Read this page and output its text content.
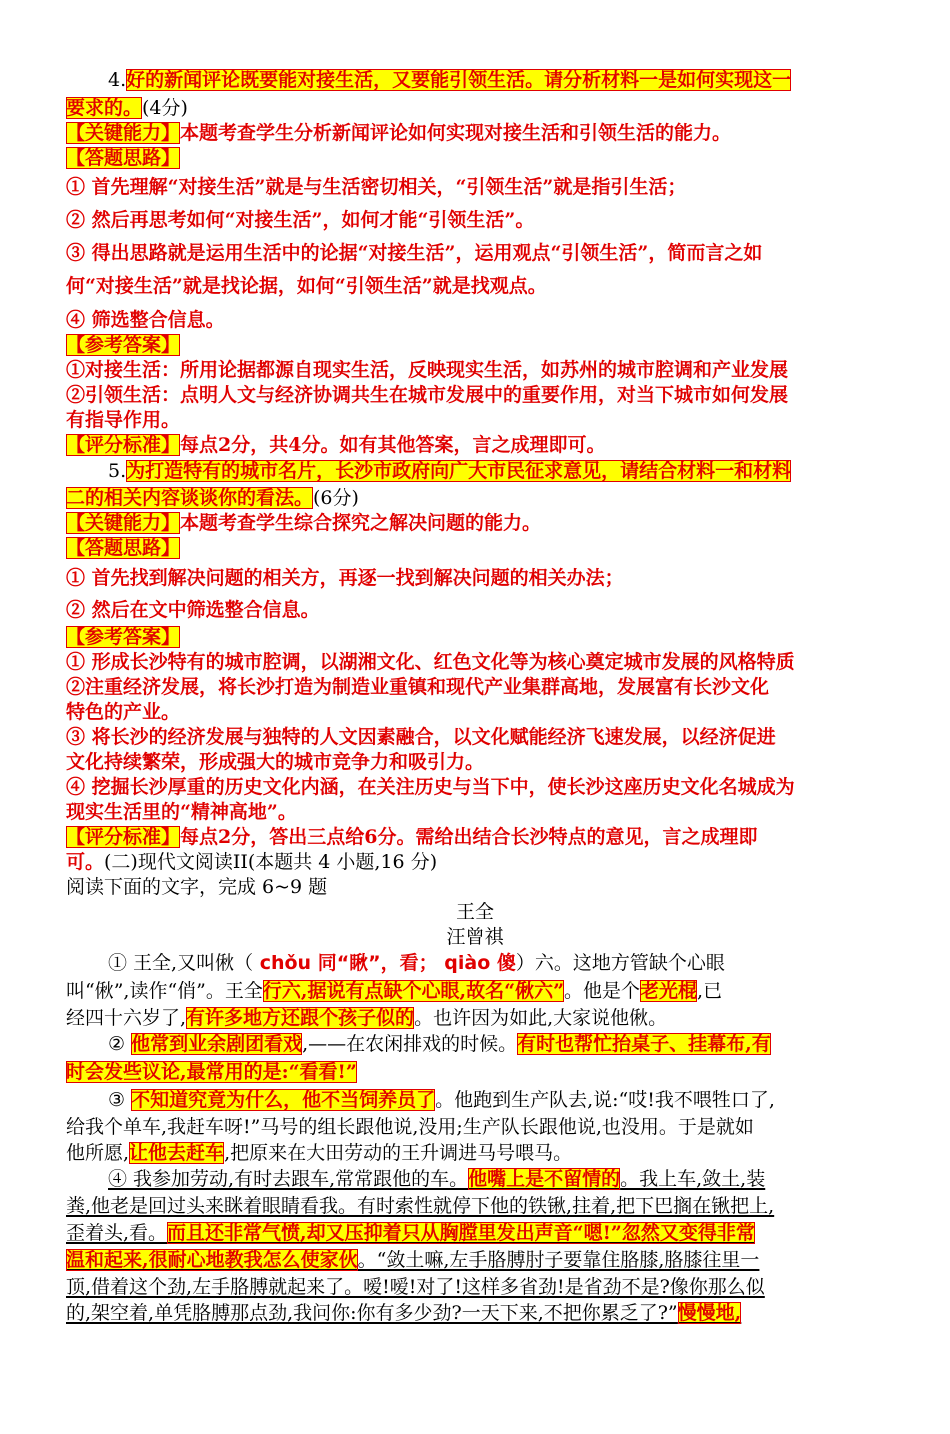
4.好的新闻评论既要能对接生活，又要能引领生活。请分析材料一是如何实现这一
要求的。(4分)
【关键能力】本题考查学生分析新闻评论如何实现对接生活和引领生活的能力。
【答题思路】
① 首先理解“对接生活”就是与生活密切相关，“引领生活”就是指引生活；
② 然后再思考如何“对接生活”，如何才能“引领生活”。
③ 得出思路就是运用生活中的论据“对接生活”，运用观点“引领生活”，简而言之如
何“对接生活”就是找论据，如何“引领生活”就是找观点。
④ 筛选整合信息。
【参考答案】
①对接生活：所用论据都源自现实生活，反映现实生活，如苏州的城市腔调和产业发展
②引领生活：点明人文与经济协调共生在城市发展中的重要作用，对当下城市如何发展
有指导作用。
【评分标准】每点2分，共4分。如有其他答案，言之成理即可。
5.为打造特有的城市名片，长沙市政府向广大市民征求意见，请结合材料一和材料
二的相关内容谈谈你的看法。(6分)
【关键能力】本题考查学生综合探究之解决问题的能力。
【答题思路】
① 首先找到解决问题的相关方，再逐一找到解决问题的相关办法；
② 然后在文中筛选整合信息。
【参考答案】
① 形成长沙特有的城市腔调，以湖湘文化、红色文化等为核心奠定城市发展的风格特质
②注重经济发展，将长沙打造为制造业重镇和现代产业集群高地，发展富有长沙文化
特色的产业。
③ 将长沙的经济发展与独特的人文因素融合，以文化赋能经济飞速发展，以经济促进
文化持续繁荣，形成强大的城市竞争力和吸引力。
④ 挖掘长沙厚重的历史文化内涵，在关注历史与当下中，使长沙这座历史文化名城成为
现实生活里的“精神高地”。
【评分标准】每点2分，答出三点给6分。需给出结合长沙特点的意见，言之成理即
可。(二)现代文阅读II(本题共 4 小题,16 分)
阅读下面的文字，完成 6~9 题
王全
汪曾祺
① 王全,又叫偢（ chǒu 同“瞅”，看； qiào 傻）六。这地方管缺个心眼
叫“偢”,读作“俏”。王全行六,据说有点缺个心眼,故名“偢六”。他是个老光棍,已
经四十六岁了,有许多地方还跟个孩子似的。也许因为如此,大家说他偢。
② 他常到业余剧团看戏,——在农闲排戏的时候。有时也帮忙抬桌子、挂幕布,有
时会发些议论,最常用的是:“看看!”
③ 不知道究竟为什么，他不当饲养员了。他跑到生产队去,说:“哎!我不喂牲口了,
给我个单车,我赶车呀!”马号的组长跟他说,没用;生产队长跟他说,也没用。于是就如
他所愿,让他去赶车,把原来在大田劳动的王升调进马号喂马。
④ 我参加劳动,有时去跟车,常常跟他的车。他嘴上是不留情的。我上车,敛土,装
粪,他老是回过头来眯着眼睛看我。有时索性就停下他的铁锹,拄着,把下巴搁在锹把上,
歪着头,看。而且还非常气愤,却又压抑着只从胸膛里发出声音“嗯!”忽然又变得非常
温和起来,很耐心地教我怎么使家伙。“敛土嘛,左手胳膊肘子要靠住胳膝,胳膝往里一
顶,借着这个劲,左手胳膊就起来了。嗳!嗳!对了!这样多省劲!是省劲不是?像你那么似
的,架空着,单凭胳膊那点劲,我问你:你有多少劲?一天下来,不把你累乏了?”慢慢地,
